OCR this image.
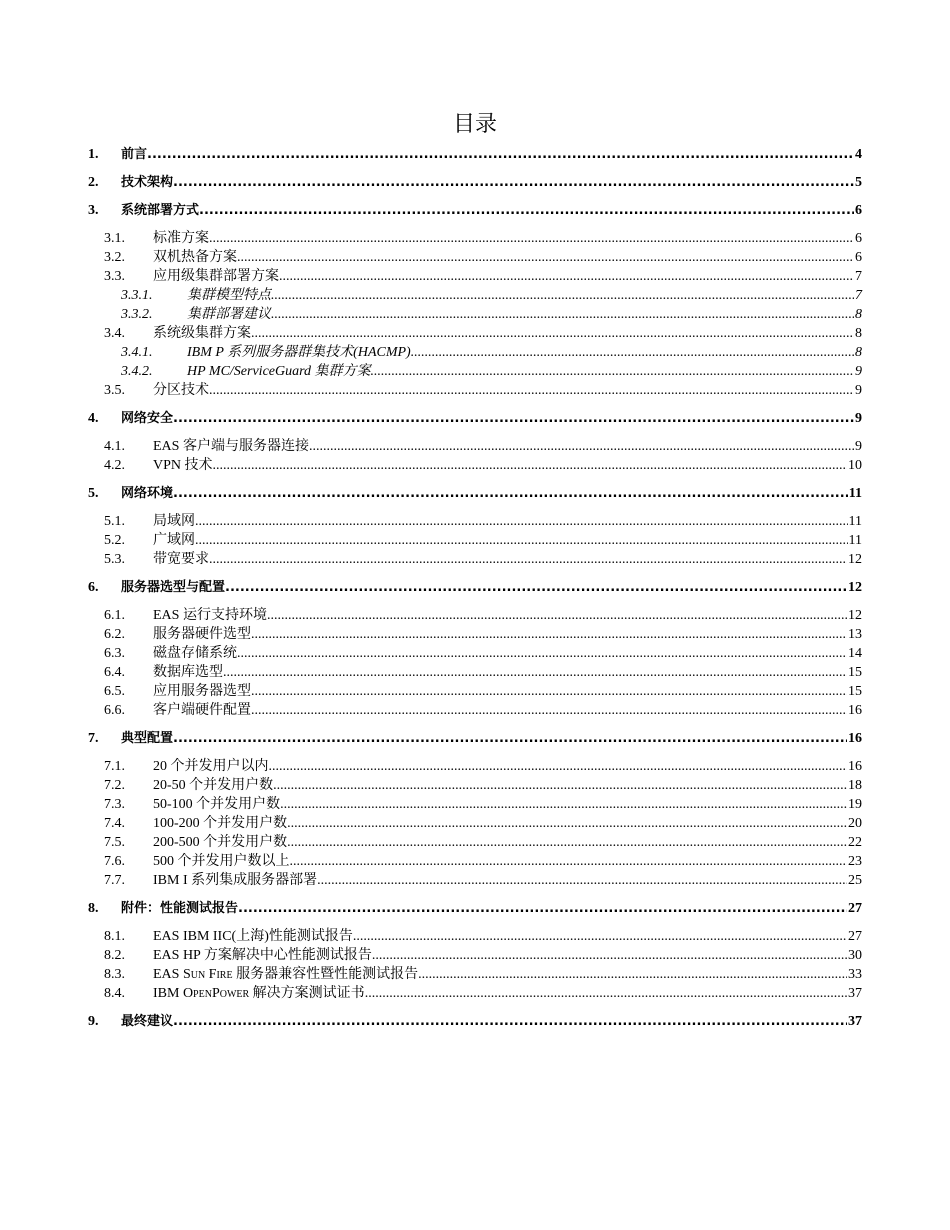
目录
1.	前言 .....	4
2.	技术架构 .....	5
3.	系统部署方式 .....	6
3.1.	标准方案 .....	6
3.2.	双机热备方案 .....	6
3.3.	应用级集群部署方案 .....	7
3.3.1.	集群模型特点 .....	7
3.3.2.	集群部署建议 .....	8
3.4.	系统级集群方案 .....	8
3.4.1.	IBM P 系列服务器群集技术(HACMP) .....	8
3.4.2.	HP MC/ServiceGuard 集群方案 .....	9
3.5.	分区技术 .....	9
4.	网络安全 .....	9
4.1.	EAS 客户端与服务器连接 .....	9
4.2.	VPN 技术 .....	10
5.	网络环境 .....	11
5.1.	局域网 .....	11
5.2.	广域网 .....	11
5.3.	带宽要求 .....	12
6.	服务器选型与配置 .....	12
6.1.	EAS 运行支持环境 .....	12
6.2.	服务器硬件选型 .....	13
6.3.	磁盘存储系统 .....	14
6.4.	数据库选型 .....	15
6.5.	应用服务器选型 .....	15
6.6.	客户端硬件配置 .....	16
7.	典型配置 .....	16
7.1.	20 个并发用户以内 .....	16
7.2.	20-50 个并发用户数 .....	18
7.3.	50-100 个并发用户数 .....	19
7.4.	100-200 个并发用户数 .....	20
7.5.	200-500 个并发用户数 .....	22
7.6.	500 个并发用户数以上 .....	23
7.7.	IBM I 系列集成服务器部署 .....	25
8.	附件：性能测试报告 .....	27
8.1.	EAS IBM IIC(上海)性能测试报告 .....	27
8.2.	EAS HP 方案解决中心性能测试报告 .....	30
8.3.	EAS Sun Fire 服务器兼容性暨性能测试报告 .....	33
8.4.	IBM OpenPower 解决方案测试证书 .....	37
9.	最终建议 .....	37
